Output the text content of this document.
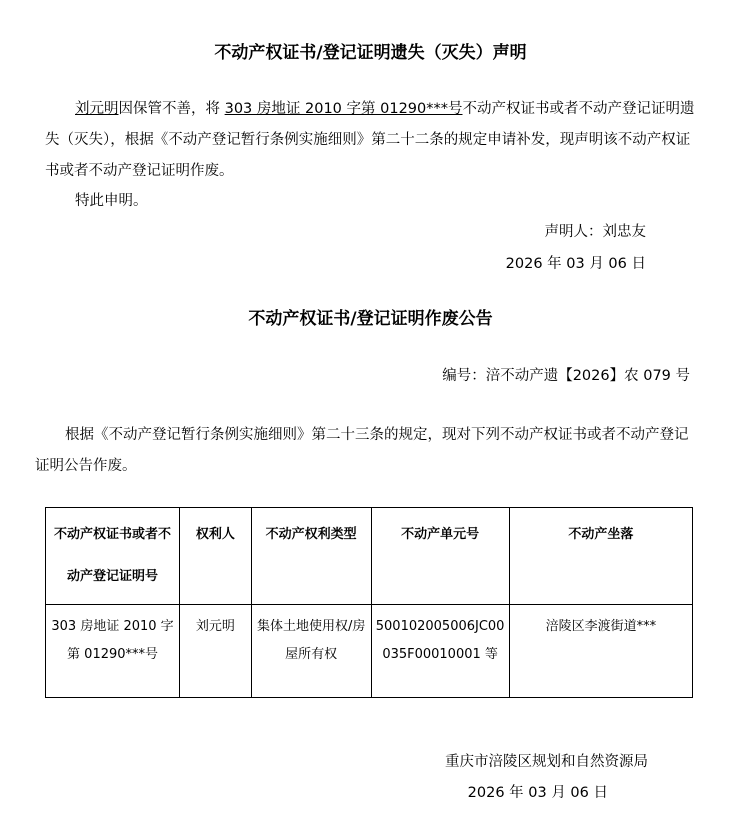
不动产权证书/登记证明遗失（灭失）声明
刘元明因保管不善，将 303 房地证 2010 字第 01290***号不动产权证书或者不动产登记证明遗失（灭失），根据《不动产登记暂行条例实施细则》第二十二条的规定申请补发，现声明该不动产权证书或者不动产登记证明作废。
特此申明。
声明人：刘忠友
2026 年 03 月 06 日
不动产权证书/登记证明作废公告
编号：涪不动产遗【2026】农 079 号
根据《不动产登记暂行条例实施细则》第二十三条的规定，现对下列不动产权证书或者不动产登记证明公告作废。
不动产权证书或者不动产登记证明号	权利人	不动产权利类型	不动产单元号	不动产坐落
303 房地证 2010 字第 01290***号	刘元明	集体土地使用权/房屋所有权	500102005006JC00035F00010001 等	涪陵区李渡街道***
重庆市涪陵区规划和自然资源局
2026 年 03 月 06 日
